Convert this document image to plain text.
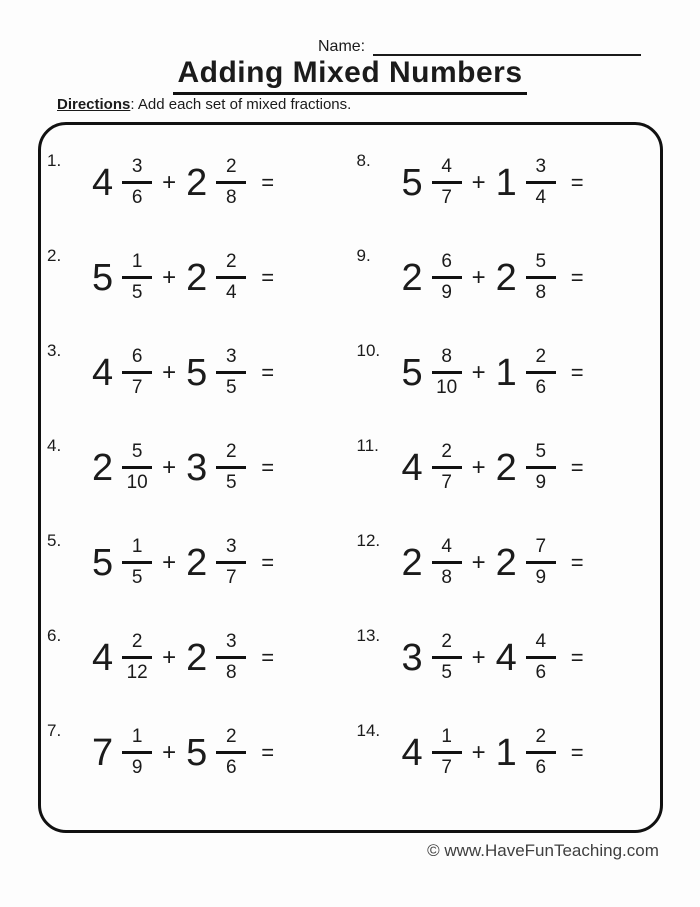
Name:
Adding Mixed Numbers
Directions: Add each set of mixed fractions.
1.
$4 \frac{3}{6} + 2 \frac{2}{8}$ =
2.
$5 \frac{1}{5} + 2 \frac{2}{4}$ =
3.
$4 \frac{6}{7} + 5 \frac{3}{5}$ =
4.
$2 \frac{5}{10} + 3 \frac{2}{5}$ =
5.
$5 \frac{1}{5} + 2 \frac{3}{7}$ =
6.
$4 \frac{2}{12} + 2 \frac{3}{8}$ =
7.
$7 \frac{1}{9} + 5 \frac{2}{6}$ =
8.
$5 \frac{4}{7} + 1 \frac{3}{4}$ =
9.
$2 \frac{6}{9} + 2 \frac{5}{8}$ =
10.
$5 \frac{8}{10} + 1 \frac{2}{6}$ =
11.
$4 \frac{2}{7} + 2 \frac{5}{9}$ =
12.
$2 \frac{4}{8} + 2 \frac{7}{9}$ =
13.
$3 \frac{2}{5} + 4 \frac{4}{6}$ =
14.
$4 \frac{1}{7} + 1 \frac{2}{6}$ =
© www.HaveFunTeaching.com
